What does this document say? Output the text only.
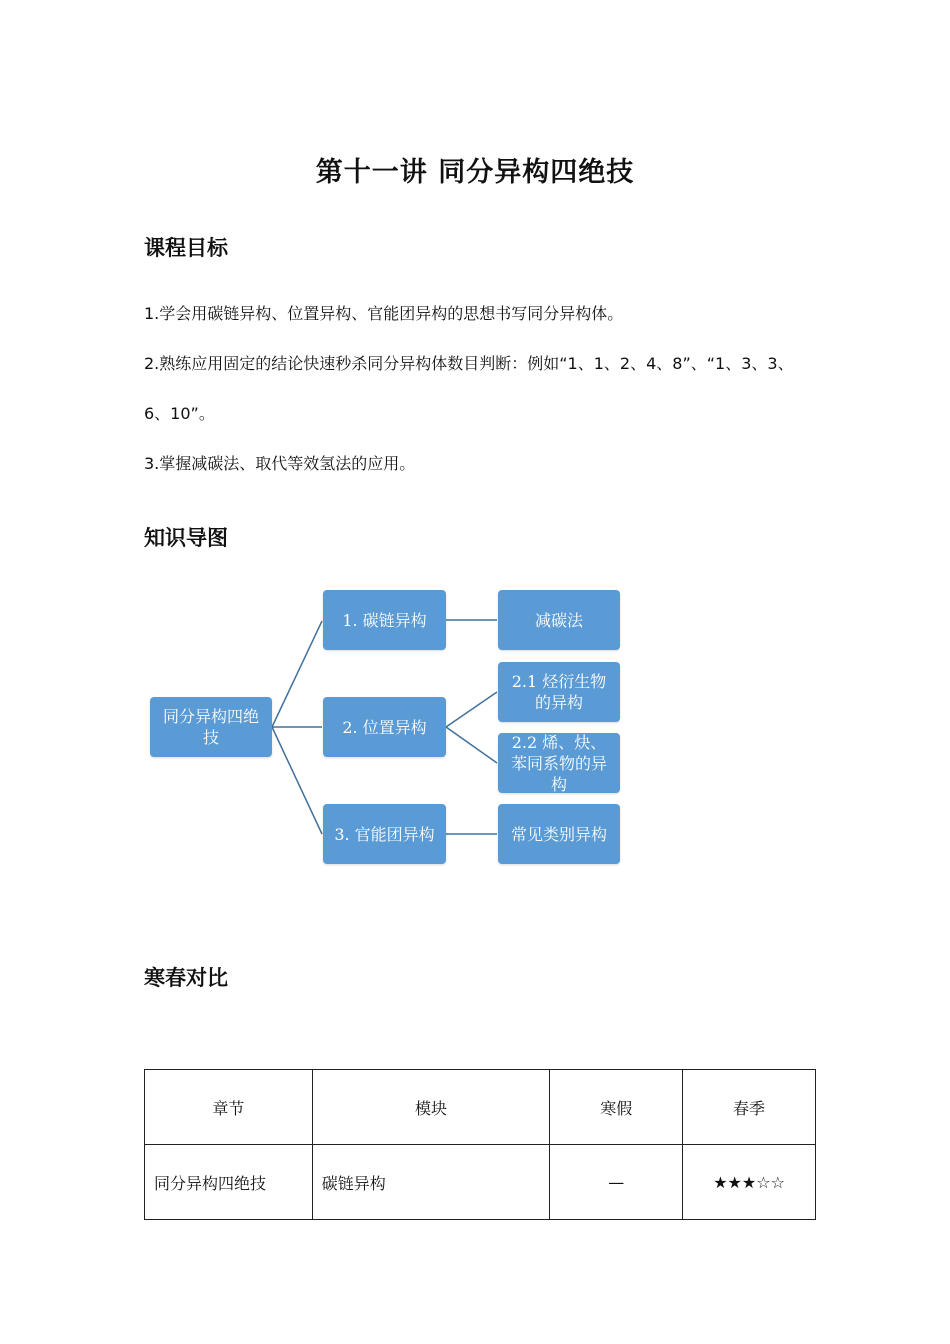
第十一讲 同分异构四绝技
课程目标
1.学会用碳链异构、位置异构、官能团异构的思想书写同分异构体。
2.熟练应用固定的结论快速秒杀同分异构体数目判断：例如“1、1、2、4、8”、“1、3、3、
6、10”。
3.掌握减碳法、取代等效氢法的应用。
知识导图
同分异构四绝技
1. 碳链异构
2. 位置异构
3. 官能团异构
减碳法
2.1 烃衍生物的异构
2.2 烯、炔、苯同系物的异构
常见类别异构
寒春对比
章节	模块	寒假	春季
同分异构四绝技	碳链异构	—	★★★☆☆
